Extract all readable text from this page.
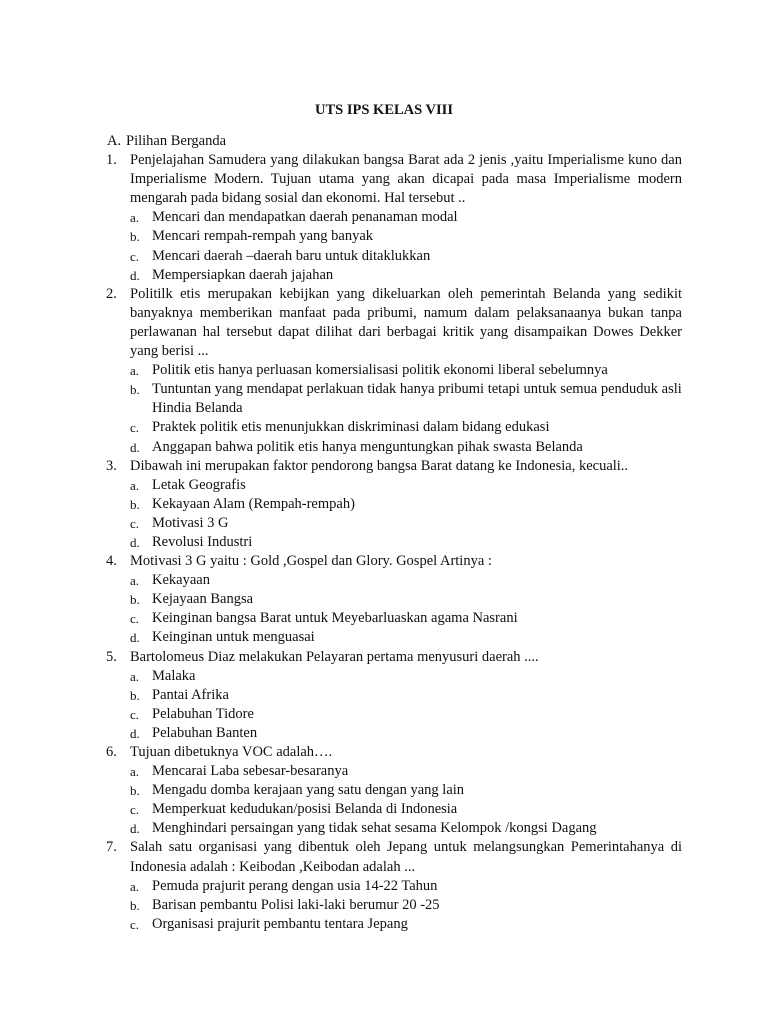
UTS IPS KELAS VIII
A. Pilihan Berganda
1. Penjelajahan Samudera yang dilakukan bangsa Barat ada 2 jenis ,yaitu Imperialisme kuno dan
Imperialisme Modern. Tujuan utama yang akan dicapai pada masa Imperialisme modern
mengarah pada bidang sosial dan ekonomi. Hal tersebut ..
a. Mencari dan mendapatkan daerah penanaman modal
b. Mencari rempah-rempah yang banyak
c. Mencari daerah –daerah baru untuk ditaklukkan
d. Mempersiapkan daerah jajahan
2. Politilk etis merupakan kebijkan yang dikeluarkan oleh pemerintah Belanda yang sedikit
banyaknya memberikan manfaat pada pribumi, namum dalam pelaksanaanya bukan tanpa
perlawanan hal tersebut dapat dilihat dari berbagai kritik yang disampaikan Dowes Dekker
yang berisi ...
a. Politik etis hanya perluasan komersialisasi politik ekonomi liberal sebelumnya
b. Tuntuntan yang mendapat perlakuan tidak hanya pribumi tetapi untuk semua penduduk asli
Hindia Belanda
c. Praktek politik etis menunjukkan diskriminasi dalam bidang edukasi
d. Anggapan bahwa politik etis hanya menguntungkan pihak swasta Belanda
3. Dibawah ini merupakan faktor pendorong bangsa Barat datang ke Indonesia, kecuali..
a. Letak Geografis
b. Kekayaan Alam (Rempah-rempah)
c. Motivasi 3 G
d. Revolusi Industri
4. Motivasi 3 G yaitu : Gold ,Gospel dan Glory. Gospel Artinya :
a. Kekayaan
b. Kejayaan Bangsa
c. Keinginan bangsa Barat untuk Meyebarluaskan agama Nasrani
d. Keinginan untuk menguasai
5. Bartolomeus Diaz melakukan Pelayaran pertama menyusuri daerah ....
a. Malaka
b. Pantai Afrika
c. Pelabuhan Tidore
d. Pelabuhan Banten
6. Tujuan dibetuknya VOC adalah….
a. Mencarai Laba sebesar-besaranya
b. Mengadu domba kerajaan yang satu dengan yang lain
c. Memperkuat kedudukan/posisi Belanda di Indonesia
d. Menghindari persaingan yang tidak sehat sesama Kelompok /kongsi Dagang
7. Salah satu organisasi yang dibentuk oleh Jepang untuk melangsungkan Pemerintahanya di
Indonesia adalah : Keibodan ,Keibodan adalah ...
a. Pemuda prajurit perang dengan usia 14-22 Tahun
b. Barisan pembantu Polisi laki-laki berumur 20 -25
c. Organisasi prajurit pembantu tentara Jepang
